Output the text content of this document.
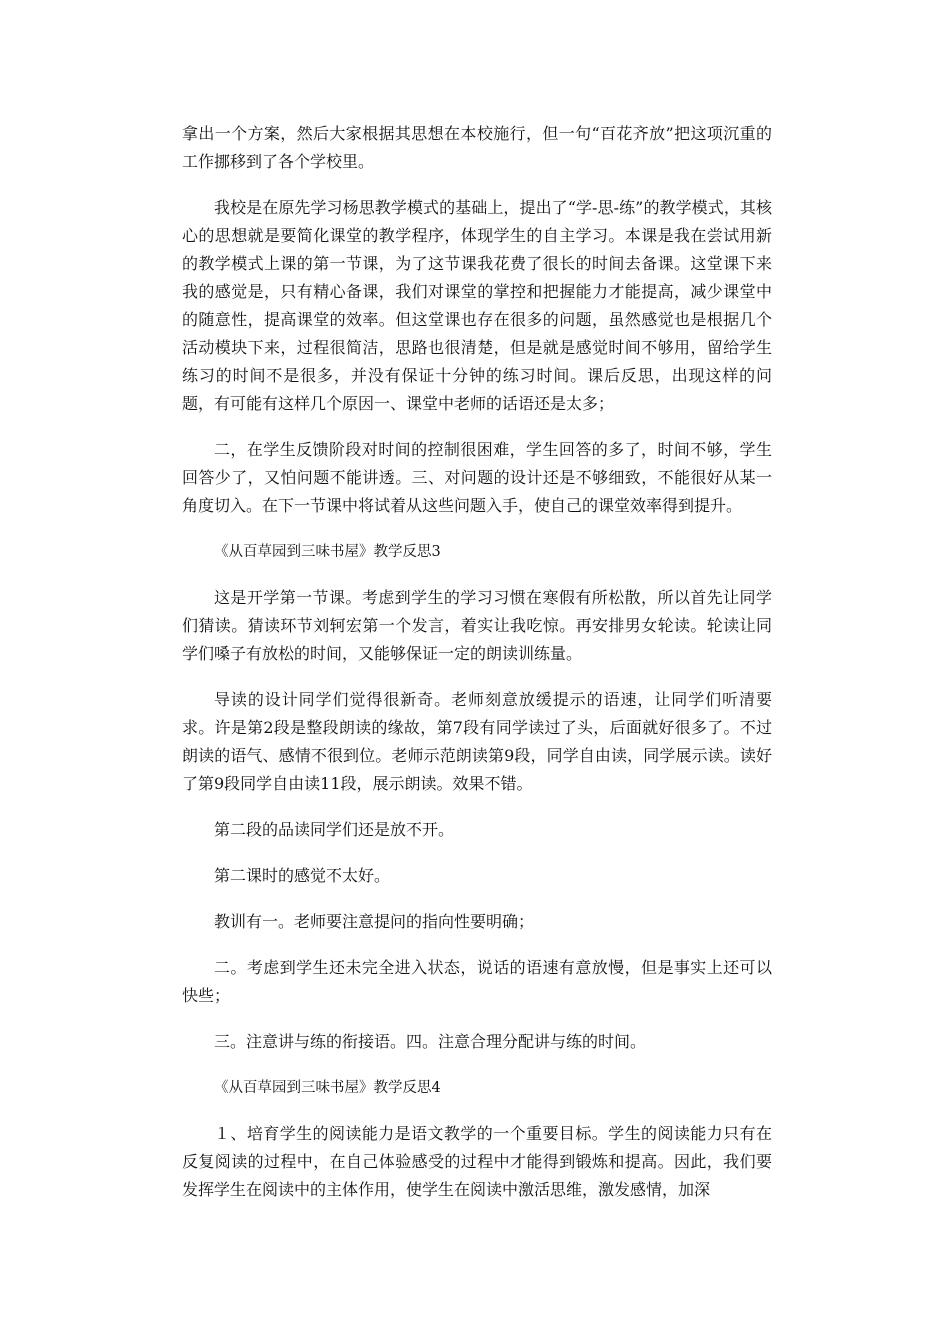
拿出一个方案，然后大家根据其思想在本校施行，但一句“百花齐放”把这项沉重的工作挪移到了各个学校里。

我校是在原先学习杨思教学模式的基础上，提出了“学-思-练”的教学模式，其核心的思想就是要简化课堂的教学程序，体现学生的自主学习。本课是我在尝试用新的教学模式上课的第一节课，为了这节课我花费了很长的时间去备课。这堂课下来我的感觉是，只有精心备课，我们对课堂的掌控和把握能力才能提高，减少课堂中的随意性，提高课堂的效率。但这堂课也存在很多的问题，虽然感觉也是根据几个活动模块下来，过程很简洁，思路也很清楚，但是就是感觉时间不够用，留给学生练习的时间不是很多，并没有保证十分钟的练习时间。课后反思，出现这样的问题，有可能有这样几个原因一、课堂中老师的话语还是太多；

二，在学生反馈阶段对时间的控制很困难，学生回答的多了，时间不够，学生回答少了，又怕问题不能讲透。三、对问题的设计还是不够细致，不能很好从某一角度切入。在下一节课中将试着从这些问题入手，使自己的课堂效率得到提升。

《从百草园到三味书屋》教学反思3

这是开学第一节课。考虑到学生的学习习惯在寒假有所松散，所以首先让同学们猜读。猜读环节刘轲宏第一个发言，着实让我吃惊。再安排男女轮读。轮读让同学们嗓子有放松的时间，又能够保证一定的朗读训练量。

导读的设计同学们觉得很新奇。老师刻意放缓提示的语速，让同学们听清要求。许是第2段是整段朗读的缘故，第7段有同学读过了头，后面就好很多了。不过朗读的语气、感情不很到位。老师示范朗读第9段，同学自由读，同学展示读。读好了第9段同学自由读11段，展示朗读。效果不错。

第二段的品读同学们还是放不开。

第二课时的感觉不太好。

教训有一。老师要注意提问的指向性要明确；

二。考虑到学生还未完全进入状态，说话的语速有意放慢，但是事实上还可以快些；

三。注意讲与练的衔接语。四。注意合理分配讲与练的时间。

《从百草园到三味书屋》教学反思4

１、培育学生的阅读能力是语文教学的一个重要目标。学生的阅读能力只有在反复阅读的过程中，在自己体验感受的过程中才能得到锻炼和提高。因此，我们要发挥学生在阅读中的主体作用，使学生在阅读中激活思维，激发感情，加深
